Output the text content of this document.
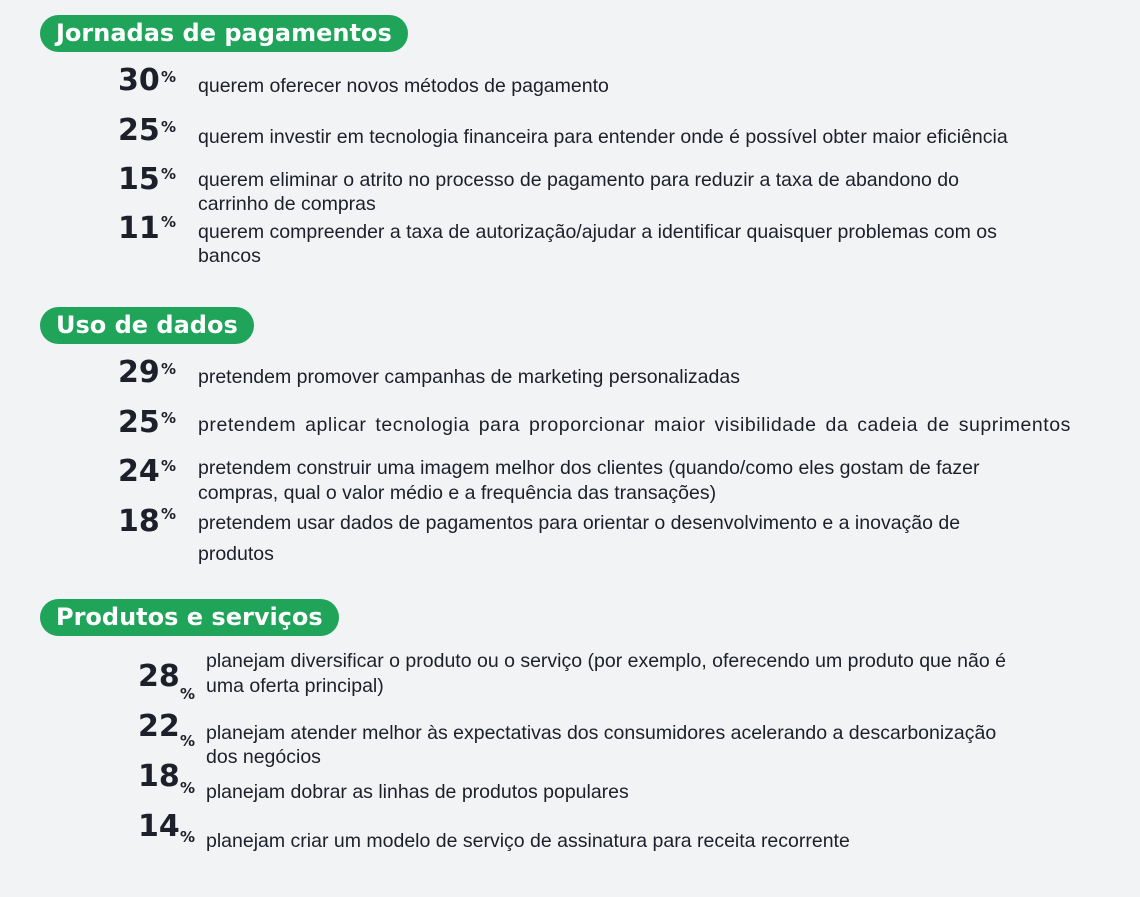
Jornadas de pagamentos
30 % querem oferecer novos métodos de pagamento
25 % querem investir em tecnologia financeira para entender onde é possível obter maior eficiência
15 % querem eliminar o atrito no processo de pagamento para reduzir a taxa de abandono do
carrinho de compras
11 % querem compreender a taxa de autorização/ajudar a identificar quaisquer problemas com os
bancos
Uso de dados
29 % pretendem promover campanhas de marketing personalizadas
25 % pretendem aplicar tecnologia para proporcionar maior visibilidade da cadeia de suprimentos
24 % pretendem construir uma imagem melhor dos clientes (quando/como eles gostam de fazer
compras, qual o valor médio e a frequência das transações)
18 % pretendem usar dados de pagamentos para orientar o desenvolvimento e a inovação de
produtos
Produtos e serviços
28 %
planejam diversificar o produto ou o serviço (por exemplo, oferecendo um produto que não é
uma oferta principal)
22 % planejam atender melhor às expectativas dos consumidores acelerando a descarbonização
dos negócios
18 % planejam dobrar as linhas de produtos populares
14 % planejam criar um modelo de serviço de assinatura para receita recorrente
